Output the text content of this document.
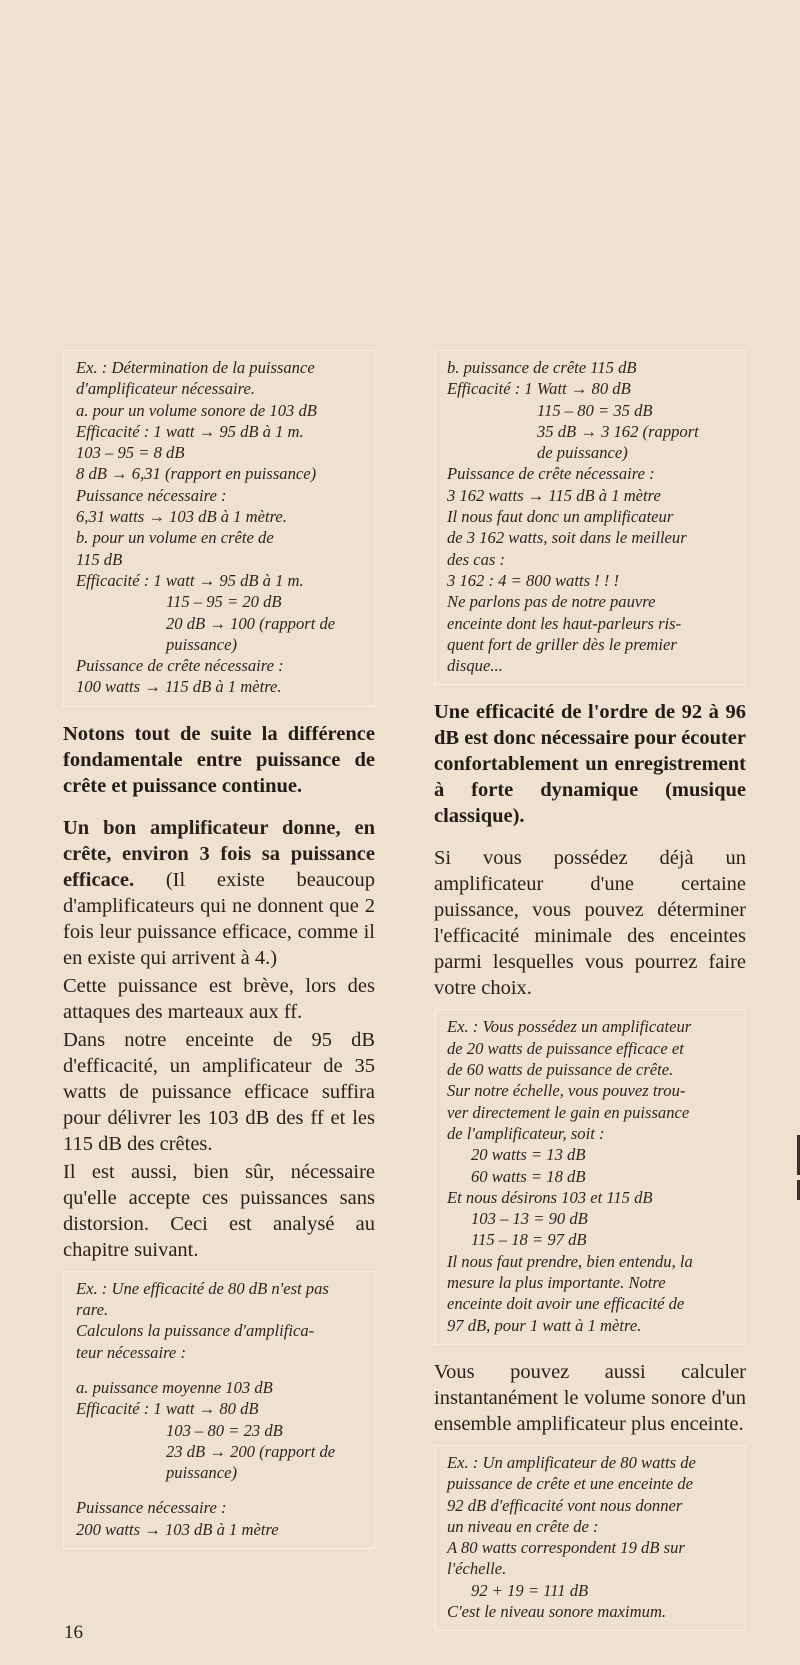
Ex. : Détermination de la puissance
d'amplificateur nécessaire.
a. pour un volume sonore de 103 dB
Efficacité : 1 watt → 95 dB à 1 m.
103 – 95 = 8 dB
8 dB → 6,31 (rapport en puissance)
Puissance nécessaire :
6,31 watts → 103 dB à 1 mètre.
b. pour un volume en crête de
115 dB
Efficacité : 1 watt → 95 dB à 1 m.
115 – 95 = 20 dB
20 dB → 100 (rapport de
puissance)
Puissance de crête nécessaire :
100 watts → 115 dB à 1 mètre.

Notons tout de suite la différence fondamentale entre puissance de crête et puissance continue.

Un bon amplificateur donne, en crête, environ 3 fois sa puissance efficace. (Il existe beaucoup d'amplificateurs qui ne donnent que 2 fois leur puissance efficace, comme il en existe qui arrivent à 4.)

Cette puissance est brève, lors des attaques des marteaux aux ff.

Dans notre enceinte de 95 dB d'efficacité, un amplificateur de 35 watts de puissance efficace suffira pour délivrer les 103 dB des ff et les 115 dB des crêtes.

Il est aussi, bien sûr, nécessaire qu'elle accepte ces puissances sans distorsion. Ceci est analysé au chapitre suivant.

Ex. : Une efficacité de 80 dB n'est pas
rare.
Calculons la puissance d'amplifica-
teur nécessaire :
a. puissance moyenne 103 dB
Efficacité : 1 watt → 80 dB
103 – 80 = 23 dB
23 dB → 200 (rapport de
puissance)
Puissance nécessaire :
200 watts → 103 dB à 1 mètre
b. puissance de crête 115 dB
Efficacité : 1 Watt → 80 dB
115 – 80 = 35 dB
35 dB → 3 162 (rapport
de puissance)
Puissance de crête nécessaire :
3 162 watts → 115 dB à 1 mètre
Il nous faut donc un amplificateur
de 3 162 watts, soit dans le meilleur
des cas :
3 162 : 4 = 800 watts ! ! !
Ne parlons pas de notre pauvre
enceinte dont les haut-parleurs ris-
quent fort de griller dès le premier
disque...

Une efficacité de l'ordre de 92 à 96 dB est donc nécessaire pour écouter confortablement un enregistrement à forte dynamique (musique classique).

Si vous possédez déjà un amplificateur d'une certaine puissance, vous pouvez déterminer l'efficacité minimale des enceintes parmi lesquelles vous pourrez faire votre choix.

Ex. : Vous possédez un amplificateur
de 20 watts de puissance efficace et
de 60 watts de puissance de crête.
Sur notre échelle, vous pouvez trou-
ver directement le gain en puissance
de l'amplificateur, soit :
20 watts = 13 dB
60 watts = 18 dB
Et nous désirons 103 et 115 dB
103 – 13 = 90 dB
115 – 18 = 97 dB
Il nous faut prendre, bien entendu, la
mesure la plus importante. Notre
enceinte doit avoir une efficacité de
97 dB, pour 1 watt à 1 mètre.

Vous pouvez aussi calculer instantanément le volume sonore d'un ensemble amplificateur plus enceinte.

Ex. : Un amplificateur de 80 watts de
puissance de crête et une enceinte de
92 dB d'efficacité vont nous donner
un niveau en crête de :
A 80 watts correspondent 19 dB sur
l'échelle.
92 + 19 = 111 dB
C'est le niveau sonore maximum.
16
